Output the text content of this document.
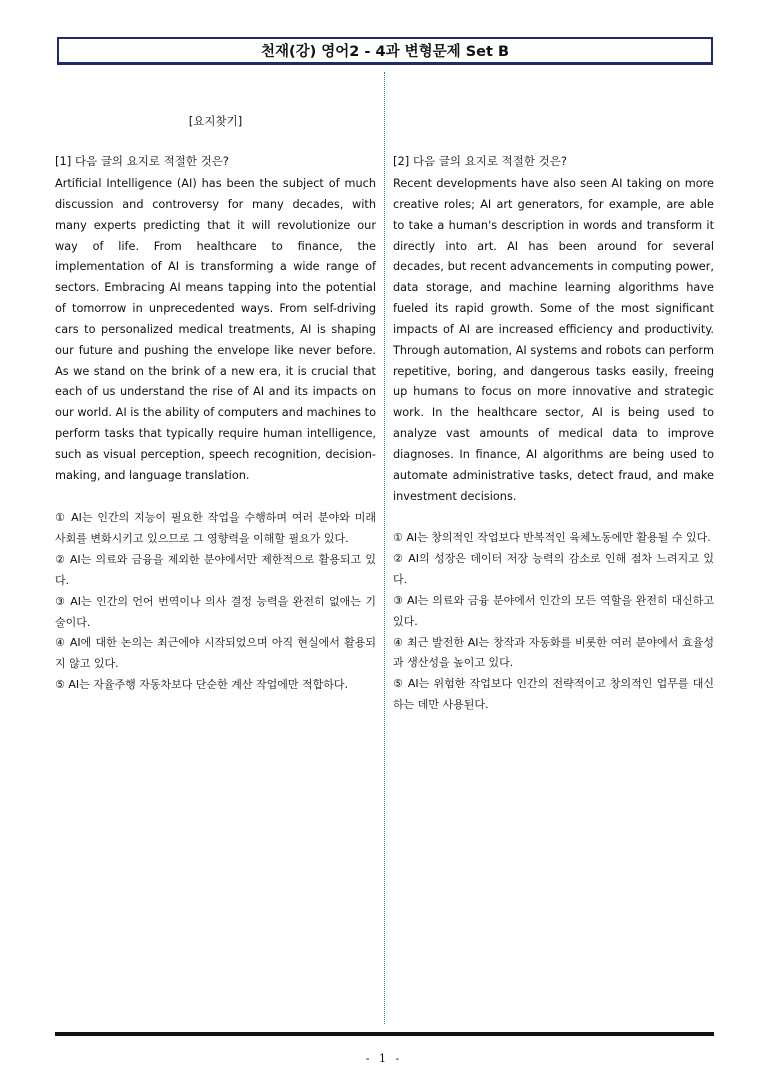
천재(강) 영어2 - 4과 변형문제 Set B
[요지찾기]
[1] 다음 글의 요지로 적절한 것은?
Artificial Intelligence (AI) has been the subject of much discussion and controversy for many decades, with many experts predicting that it will revolutionize our way of life. From healthcare to finance, the implementation of AI is transforming a wide range of sectors. Embracing AI means tapping into the potential of tomorrow in unprecedented ways. From self-driving cars to personalized medical treatments, AI is shaping our future and pushing the envelope like never before. As we stand on the brink of a new era, it is crucial that each of us understand the rise of AI and its impacts on our world. AI is the ability of computers and machines to perform tasks that typically require human intelligence, such as visual perception, speech recognition, decision-making, and language translation.
① AI는 인간의 지능이 필요한 작업을 수행하며 여러 분야와 미래 사회를 변화시키고 있으므로 그 영향력을 이해할 필요가 있다.
② AI는 의료와 금융을 제외한 분야에서만 제한적으로 활용되고 있다.
③ AI는 인간의 언어 번역이나 의사 결정 능력을 완전히 없애는 기술이다.
④ AI에 대한 논의는 최근에야 시작되었으며 아직 현실에서 활용되지 않고 있다.
⑤ AI는 자율주행 자동차보다 단순한 계산 작업에만 적합하다.
[2] 다음 글의 요지로 적절한 것은?
Recent developments have also seen AI taking on more creative roles; AI art generators, for example, are able to take a human's description in words and transform it directly into art. AI has been around for several decades, but recent advancements in computing power, data storage, and machine learning algorithms have fueled its rapid growth. Some of the most significant impacts of AI are increased efficiency and productivity. Through automation, AI systems and robots can perform repetitive, boring, and dangerous tasks easily, freeing up humans to focus on more innovative and strategic work. In the healthcare sector, AI is being used to analyze vast amounts of medical data to improve diagnoses. In finance, AI algorithms are being used to automate administrative tasks, detect fraud, and make investment decisions.
① AI는 창의적인 작업보다 반복적인 육체노동에만 활용될 수 있다.
② AI의 성장은 데이터 저장 능력의 감소로 인해 점차 느려지고 있다.
③ AI는 의료와 금융 분야에서 인간의 모든 역할을 완전히 대신하고 있다.
④ 최근 발전한 AI는 창작과 자동화를 비롯한 여러 분야에서 효율성과 생산성을 높이고 있다.
⑤ AI는 위험한 작업보다 인간의 전략적이고 창의적인 업무를 대신하는 데만 사용된다.
- 1 -
